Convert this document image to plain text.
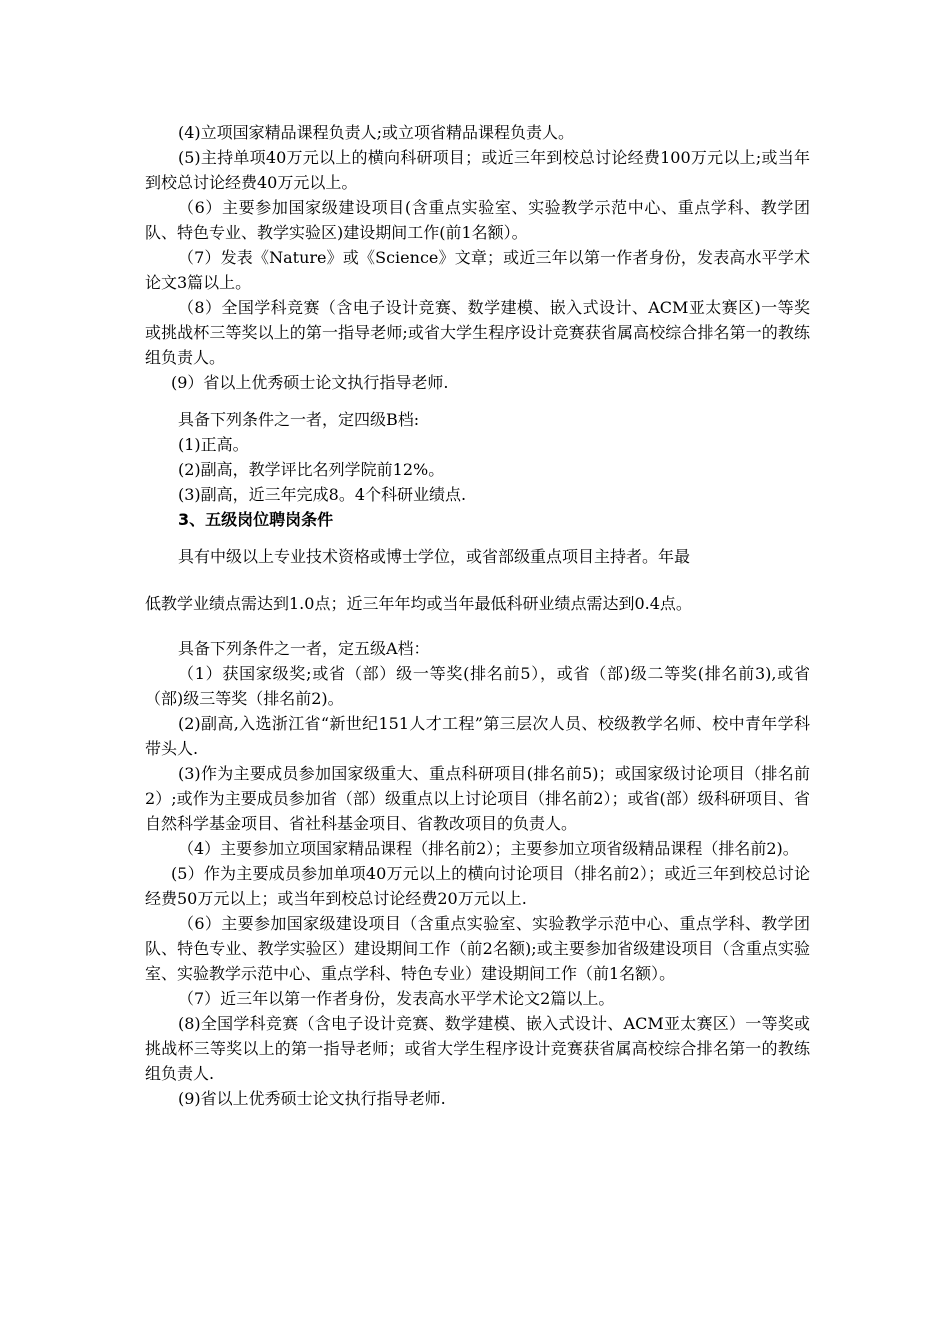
(4)立项国家精品课程负责人;或立项省精品课程负责人。

(5)主持单项40万元以上的横向科研项目；或近三年到校总讨论经费100万元以上;或当年到校总讨论经费40万元以上。

（6）主要参加国家级建设项目(含重点实验室、实验教学示范中心、重点学科、教学团队、特色专业、教学实验区)建设期间工作(前1名额）。

（7）发表《Nature》或《Science》文章；或近三年以第一作者身份，发表高水平学术论文3篇以上。

（8）全国学科竞赛（含电子设计竞赛、数学建模、嵌入式设计、ACM亚太赛区)一等奖或挑战杯三等奖以上的第一指导老师;或省大学生程序设计竞赛获省属高校综合排名第一的教练组负责人。

(9）省以上优秀硕士论文执行指导老师.

具备下列条件之一者，定四级B档:

(1)正高。

(2)副高，教学评比名列学院前12%。

(3)副高，近三年完成8。4个科研业绩点.

3、五级岗位聘岗条件

具有中级以上专业技术资格或博士学位，或省部级重点项目主持者。年最

低教学业绩点需达到1.0点；近三年年均或当年最低科研业绩点需达到0.4点。

具备下列条件之一者，定五级A档：

（1）获国家级奖;或省（部）级一等奖(排名前5），或省（部)级二等奖(排名前3),或省（部)级三等奖（排名前2)。

(2)副高,入选浙江省“新世纪151人才工程”第三层次人员、校级教学名师、校中青年学科带头人.

(3)作为主要成员参加国家级重大、重点科研项目(排名前5)；或国家级讨论项目（排名前2）;或作为主要成员参加省（部）级重点以上讨论项目（排名前2）；或省(部）级科研项目、省自然科学基金项目、省社科基金项目、省教改项目的负责人。

（4）主要参加立项国家精品课程（排名前2）；主要参加立项省级精品课程（排名前2)。

(5）作为主要成员参加单项40万元以上的横向讨论项目（排名前2）；或近三年到校总讨论经费50万元以上；或当年到校总讨论经费20万元以上.

（6）主要参加国家级建设项目（含重点实验室、实验教学示范中心、重点学科、教学团队、特色专业、教学实验区）建设期间工作（前2名额);或主要参加省级建设项目（含重点实验室、实验教学示范中心、重点学科、特色专业）建设期间工作（前1名额）。

（7）近三年以第一作者身份，发表高水平学术论文2篇以上。

(8)全国学科竞赛（含电子设计竞赛、数学建模、嵌入式设计、ACM亚太赛区）一等奖或挑战杯三等奖以上的第一指导老师；或省大学生程序设计竞赛获省属高校综合排名第一的教练组负责人.

(9)省以上优秀硕士论文执行指导老师.
